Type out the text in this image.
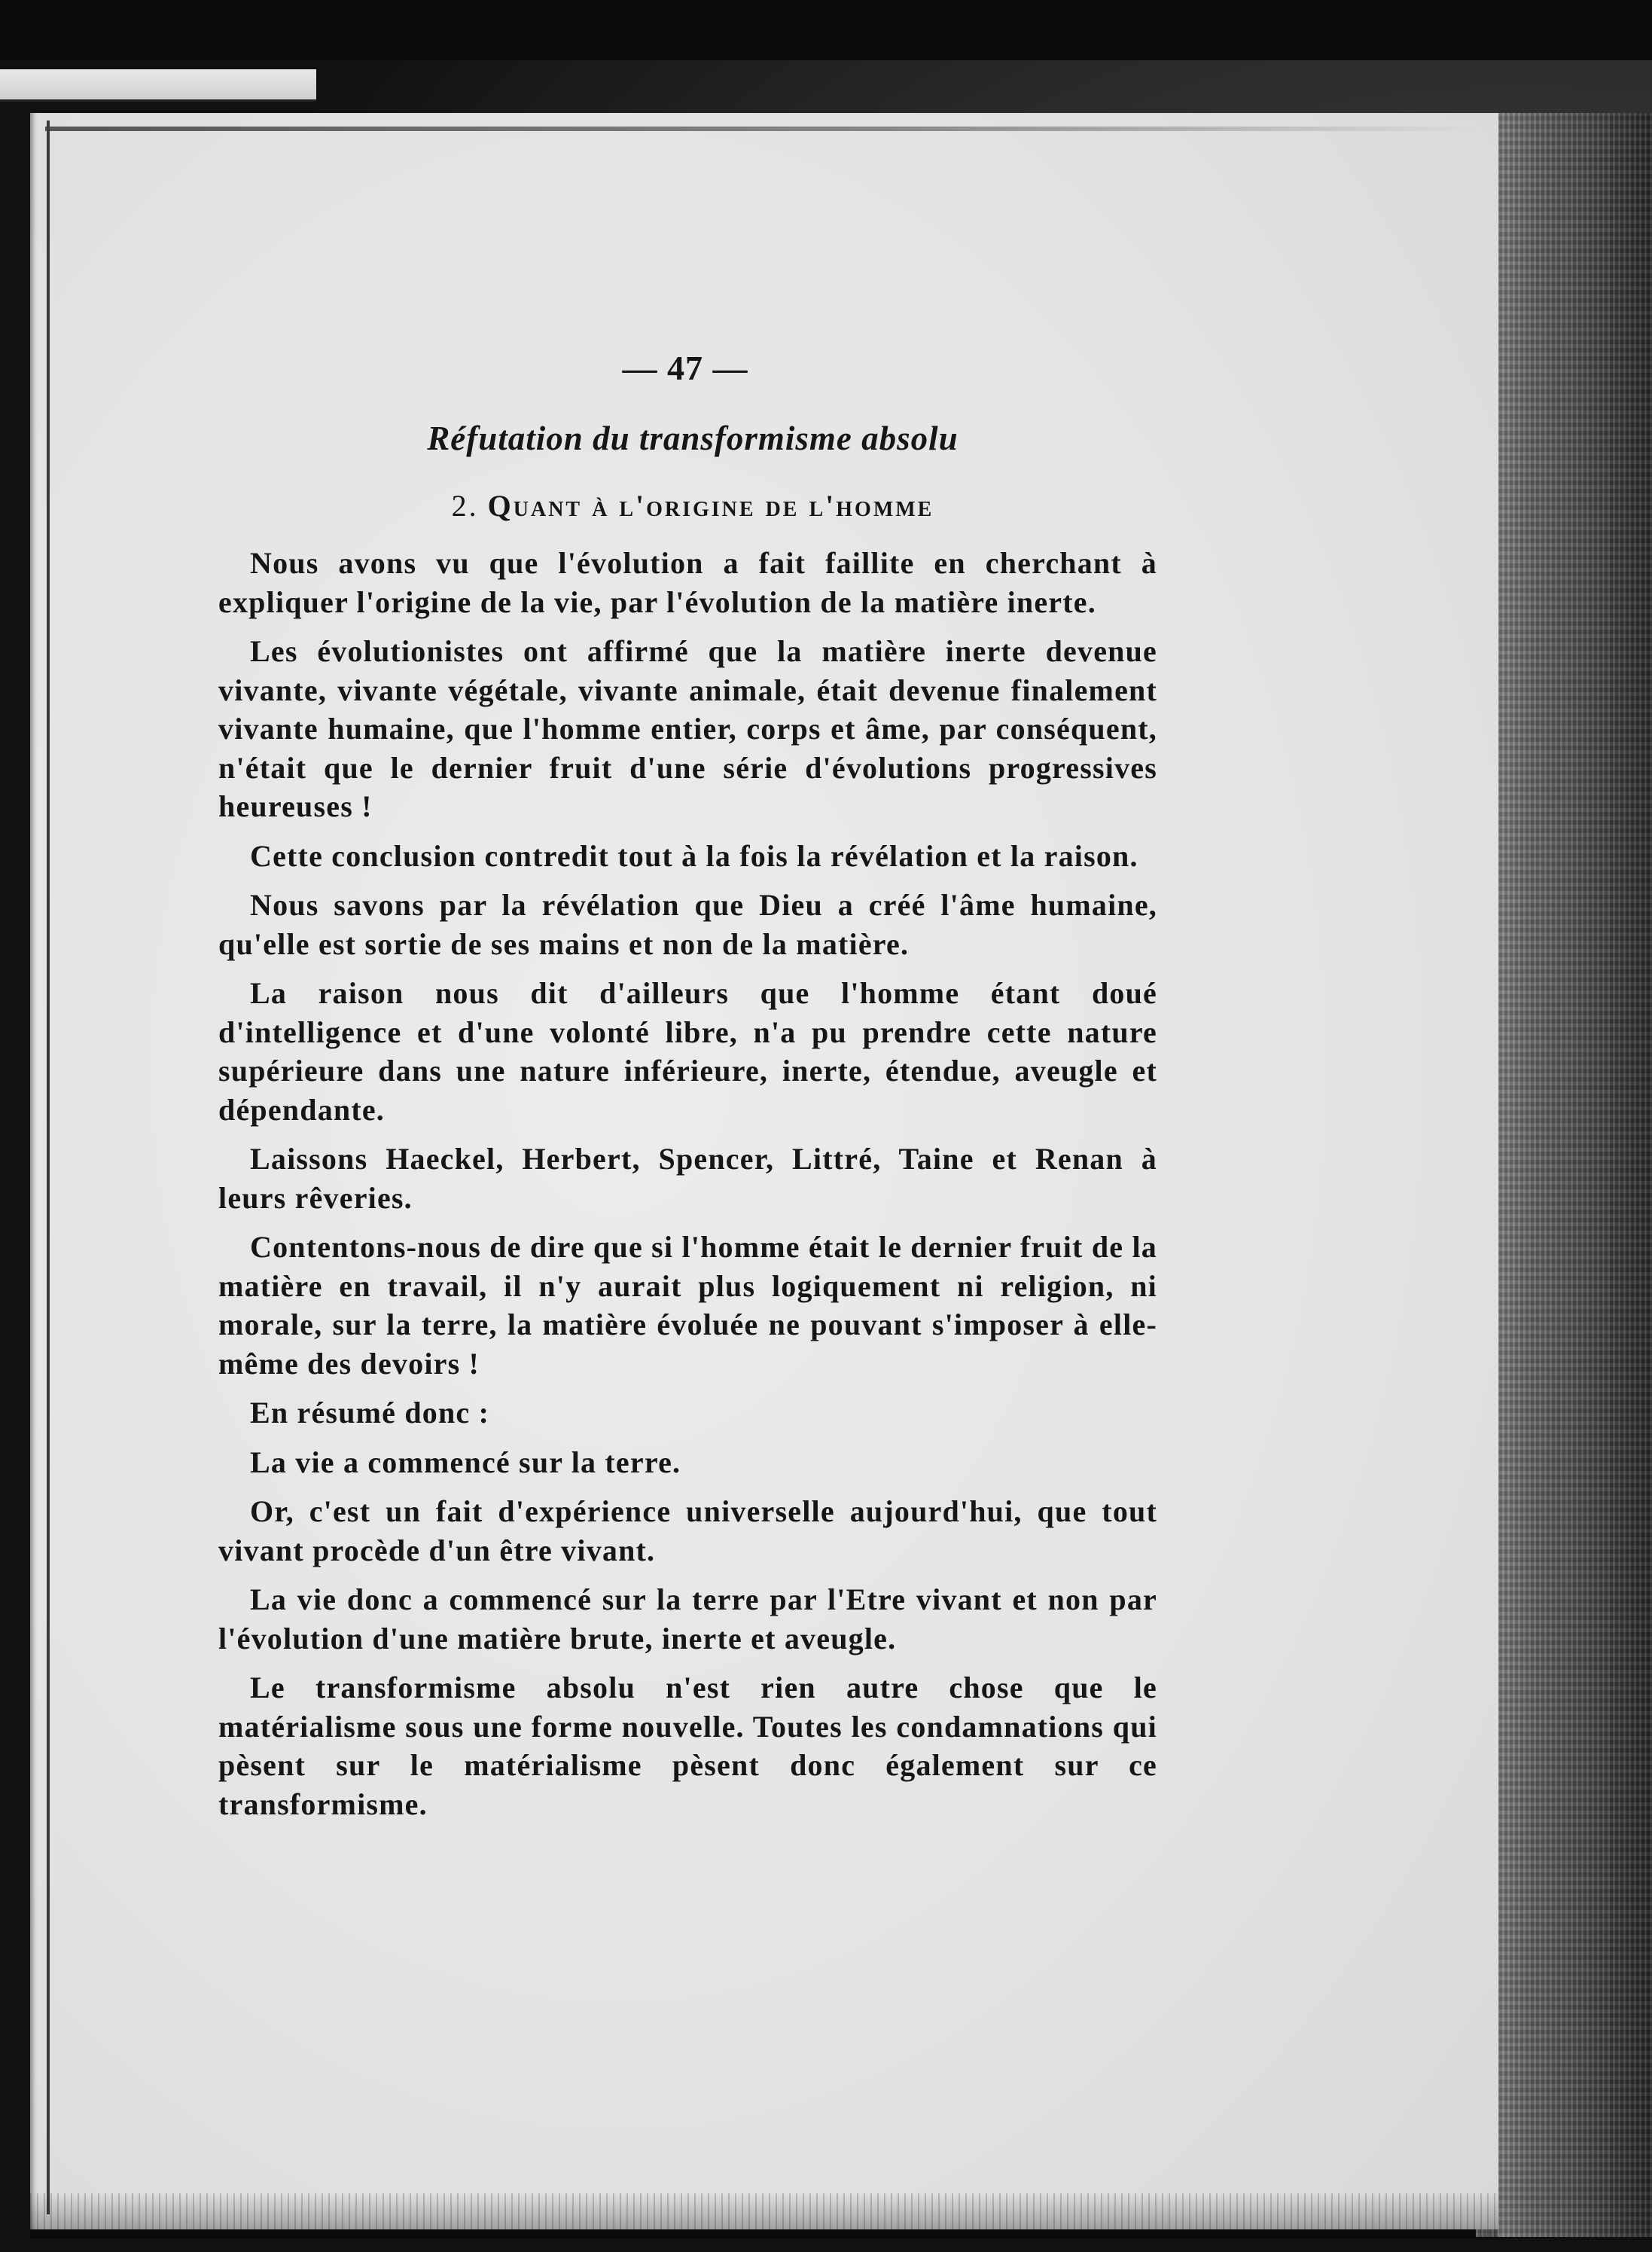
— 47 —
Réfutation du transformisme absolu
2. Quant à l'origine de l'homme

Nous avons vu que l'évolution a fait faillite en cherchant à expliquer l'origine de la vie, par l'évolution de la matière inerte.

Les évolutionistes ont affirmé que la matière inerte devenue vivante, vivante végétale, vivante animale, était devenue finalement vivante humaine, que l'homme entier, corps et âme, par conséquent, n'était que le dernier fruit d'une série d'évolutions progressives heureuses !

Cette conclusion contredit tout à la fois la révélation et la raison.

Nous savons par la révélation que Dieu a créé l'âme humaine, qu'elle est sortie de ses mains et non de la matière.

La raison nous dit d'ailleurs que l'homme étant doué d'intelligence et d'une volonté libre, n'a pu prendre cette nature supérieure dans une nature inférieure, inerte, étendue, aveugle et dépendante.

Laissons Haeckel, Herbert, Spencer, Littré, Taine et Renan à leurs rêveries.

Contentons-nous de dire que si l'homme était le dernier fruit de la matière en travail, il n'y aurait plus logiquement ni religion, ni morale, sur la terre, la matière évoluée ne pouvant s'imposer à elle-même des devoirs !

En résumé donc :

La vie a commencé sur la terre.

Or, c'est un fait d'expérience universelle aujourd'hui, que tout vivant procède d'un être vivant.

La vie donc a commencé sur la terre par l'Etre vivant et non par l'évolution d'une matière brute, inerte et aveugle.

Le transformisme absolu n'est rien autre chose que le matérialisme sous une forme nouvelle. Toutes les condamnations qui pèsent sur le matérialisme pèsent donc également sur ce transformisme.
